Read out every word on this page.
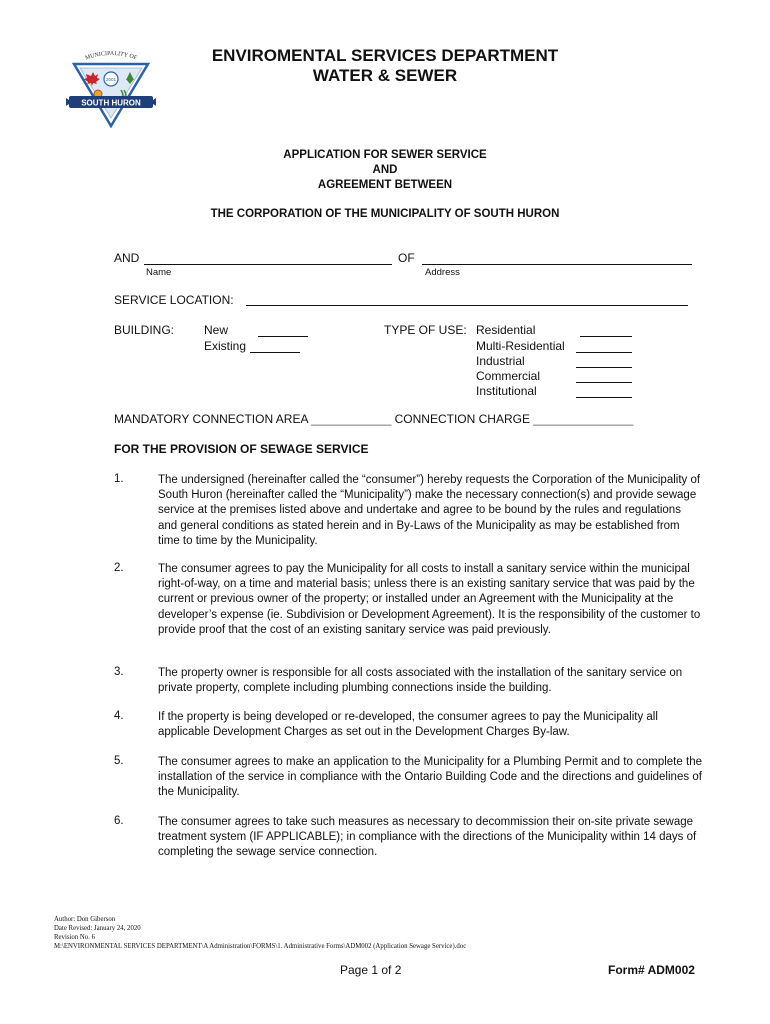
MUNICIPALITY OF
2001
SOUTH HURON
ENVIROMENTAL SERVICES DEPARTMENT
WATER & SEWER
APPLICATION FOR SEWER SERVICE
AND
AGREEMENT BETWEEN
THE CORPORATION OF THE MUNICIPALITY OF SOUTH HURON
AND
Name
OF
Address
SERVICE LOCATION:
BUILDING: New
Existing
TYPE OF USE: Residential
Multi-Residential
Industrial
Commercial
Institutional
MANDATORY CONNECTION AREA ____________ CONNECTION CHARGE _______________
FOR THE PROVISION OF SEWAGE SERVICE
1.	The undersigned (hereinafter called the “consumer”) hereby requests the Corporation of the Municipality of South Huron (hereinafter called the “Municipality”) make the necessary connection(s) and provide sewage service at the premises listed above and undertake and agree to be bound by the rules and regulations and general conditions as stated herein and in By-Laws of the Municipality as may be established from time to time by the Municipality.
2.	The consumer agrees to pay the Municipality for all costs to install a sanitary service within the municipal right-of-way, on a time and material basis; unless there is an existing sanitary service that was paid by the current or previous owner of the property; or installed under an Agreement with the Municipality at the developer’s expense (ie. Subdivision or Development Agreement). It is the responsibility of the customer to provide proof that the cost of an existing sanitary service was paid previously.
3.	The property owner is responsible for all costs associated with the installation of the sanitary service on private property, complete including plumbing connections inside the building.
4.	If the property is being developed or re-developed, the consumer agrees to pay the Municipality all applicable Development Charges as set out in the Development Charges By-law.
5.	The consumer agrees to make an application to the Municipality for a Plumbing Permit and to complete the installation of the service in compliance with the Ontario Building Code and the directions and guidelines of the Municipality.
6.	The consumer agrees to take such measures as necessary to decommission their on-site private sewage treatment system (IF APPLICABLE); in compliance with the directions of the Municipality within 14 days of completing the sewage service connection.
Author: Don Giberson
Date Revised: January 24, 2020
Revision No. 6
M:\ENVIRONMENTAL SERVICES DEPARTMENT\A Administration\FORMS\1. Administrative Forms\ADM002 (Application Sewage Service).doc
Page 1 of 2	Form# ADM002
